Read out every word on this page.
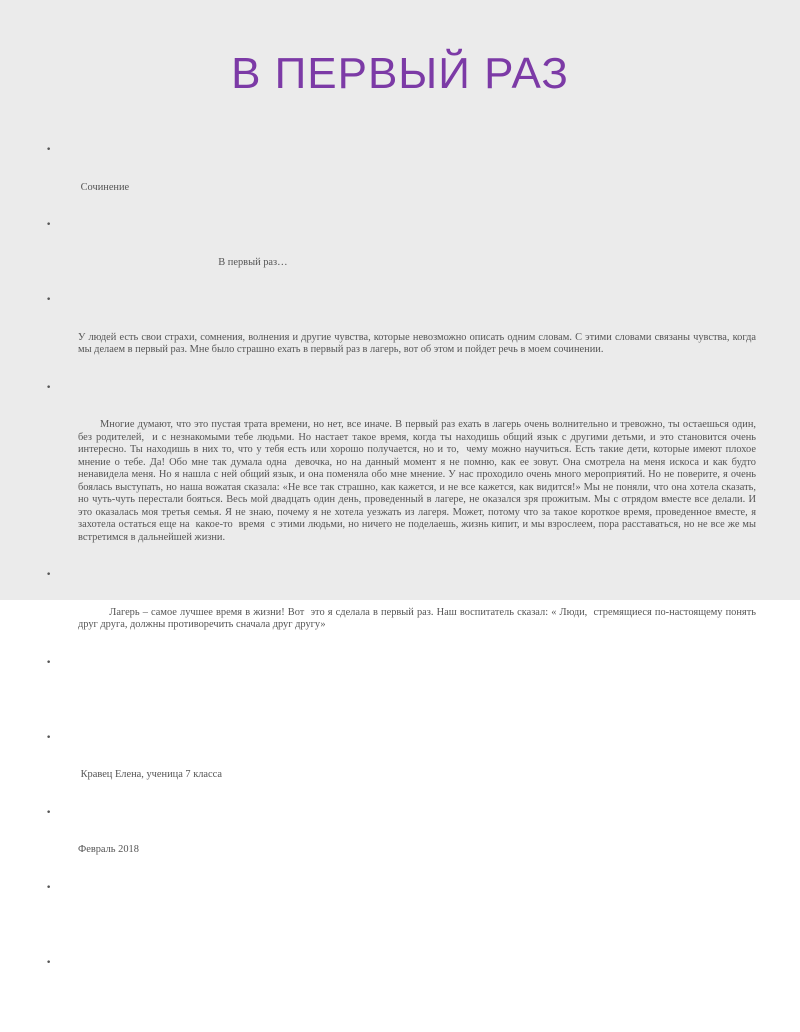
В ПЕРВЫЙ РАЗ

•

Сочинение

•

В первый раз…

•

У людей есть свои страхи, сомнения, волнения и другие чувства, которые невозможно описать одним словам. С этими словами связаны чувства, когда мы делаем в первый раз. Мне было страшно ехать в первый раз в лагерь, вот об этом и пойдет речь в моем сочинении.

•

Многие думают, что это пустая трата времени, но нет, все иначе. В первый раз ехать в лагерь очень волнительно и тревожно, ты остаешься один,  без родителей,  и с незнакомыми тебе людьми. Но настает такое время, когда ты находишь общий язык с другими детьми, и это становится очень интересно. Ты находишь в них то, что у тебя есть или хорошо получается, но и то,  чему можно научиться. Есть такие дети, которые имеют плохое мнение о тебе. Да! Обо мне так думала одна  девочка, но на данный момент я не помню, как ее зовут. Она смотрела на меня искоса и как будто ненавидела меня. Но я нашла с ней общий язык, и она поменяла обо мне мнение. У нас проходило очень много мероприятий. Но не поверите, я очень боялась выступать, но наша вожатая сказала: «Не все так страшно, как кажется, и не все кажется, как видится!» Мы не поняли, что она хотела сказать, но чуть-чуть перестали бояться. Весь мой двадцать один день, проведенный в лагере, не оказался зря прожитым. Мы с отрядом вместе все делали. И это оказалась моя третья семья. Я не знаю, почему я не хотела уезжать из лагеря. Может, потому что за такое короткое время, проведенное вместе, я захотела остаться еще на  какое-то  время  с этими людьми, но ничего не поделаешь, жизнь кипит, и мы взрослеем, пора расставаться, но не все же мы встретимся в дальнейшей жизни.

•

Лагерь – самое лучшее время в жизни! Вот  это я сделала в первый раз. Наш воспитатель сказал: « Люди,  стремящиеся по-настоящему понять друг друга, должны противоречить сначала друг другу»

•

•

Кравец Елена, ученица 7 класса

•

Февраль 2018

•

•
